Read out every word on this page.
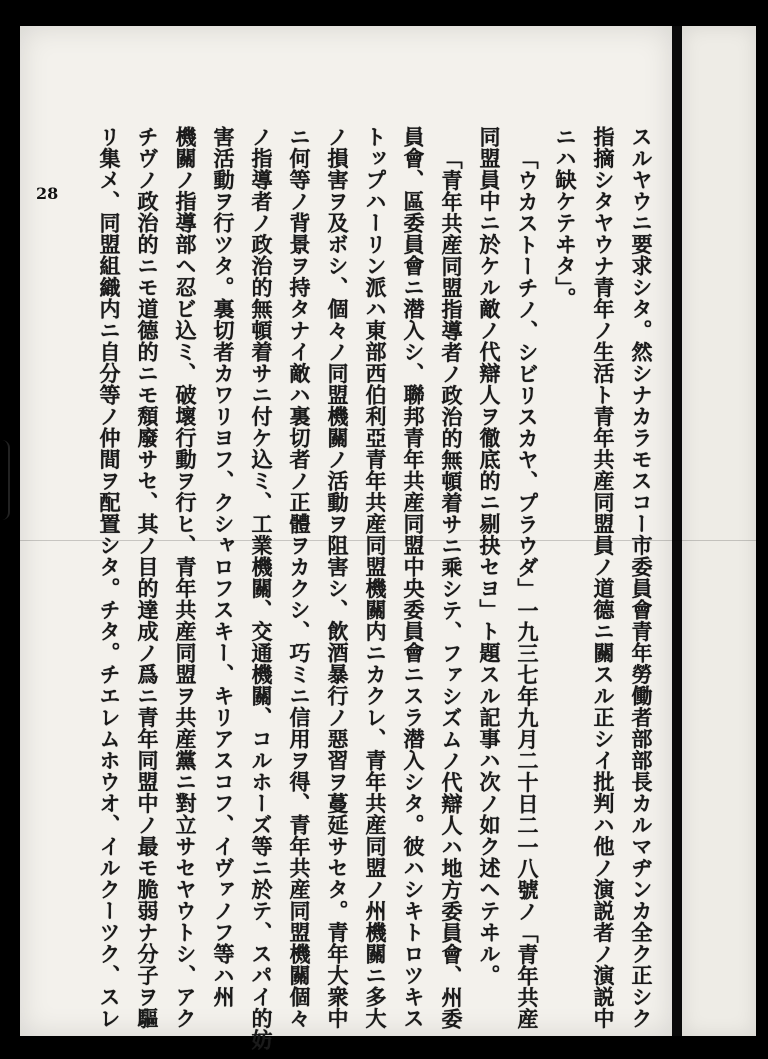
28	スルヤウニ要求シタ。然シナカラモスコー市委員會青年勞働者部部長カルマヂンカ全ク正シク
指摘シタヤウナ青年ノ生活ト青年共産同盟員ノ道德ニ關スル正シイ批判ハ他ノ演説者ノ演説中
ニハ缺ケテヰタ」。
「ウカストーチノ、シビリスカヤ、プラウダ」一九三七年九月二十日二一八號ノ「青年共産
同盟員中ニ於ケル敵ノ代辯人ヲ徹底的ニ剔抉セヨ」ト題スル記事ハ次ノ如ク述ヘテヰル。
「青年共産同盟指導者ノ政治的無頓着サニ乘シテ、ファシズムノ代辯人ハ地方委員會、州委
員會、區委員會ニ潜入シ、聯邦青年共産同盟中央委員會ニスラ潜入シタ。彼ハシキトロツキス
トップハーリン派ハ東部西伯利亞青年共産同盟機關内ニカクレ、青年共産同盟ノ州機關ニ多大
ノ損害ヲ及ボシ、個々ノ同盟機關ノ活動ヲ阻害シ、飲酒暴行ノ惡習ヲ蔓延サセタ。青年大衆中
ニ何等ノ背景ヲ持タナイ敵ハ裏切者ノ正體ヲカクシ、巧ミニ信用ヲ得、青年共産同盟機關個々
ノ指導者ノ政治的無頓着サニ付ケ込ミ、工業機關、交通機關、コルホーズ等ニ於テ、スパイ的妨
害活動ヲ行ツタ。裏切者カワリヨフ、クシャロフスキー、キリアスコフ、イヴァノフ等ハ州
機關ノ指導部ヘ忍ビ込ミ、破壞行動ヲ行ヒ、青年共産同盟ヲ共産黨ニ對立サセヤウトシ、アク
チヴノ政治的ニモ道德的ニモ頽廢サセ、其ノ目的達成ノ爲ニ青年同盟中ノ最モ脆弱ナ分子ヲ驅
リ集メ、同盟組織内ニ自分等ノ仲間ヲ配置シタ。チタ。チエレムホウオ、イルクーツク、スレ
